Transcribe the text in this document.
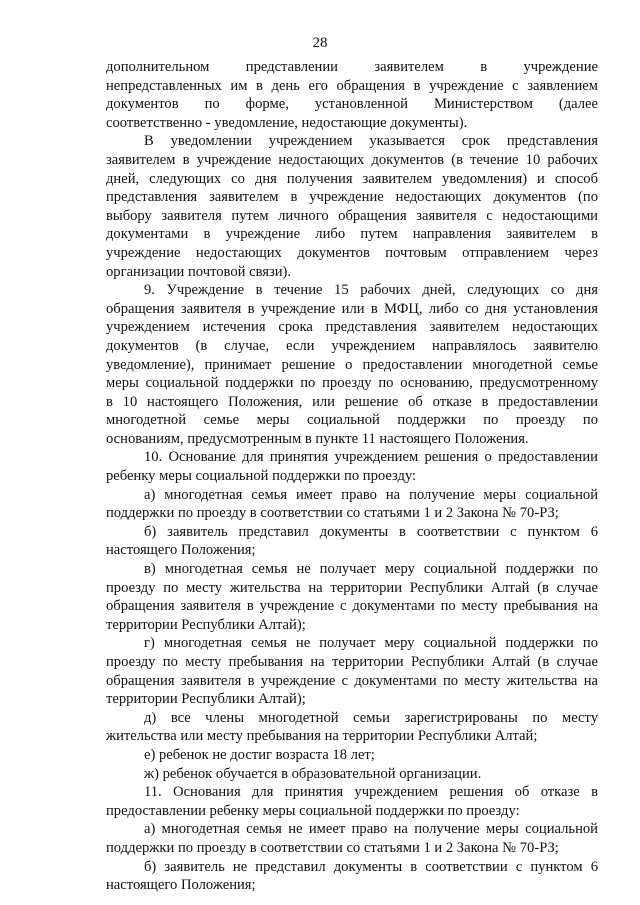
28
дополнительном представлении заявителем в учреждение
непредставленных им в день его обращения в учреждение с заявлением
документов по форме, установленной Министерством (далее
соответственно - уведомление, недостающие документы).
В уведомлении учреждением указывается срок представления
заявителем в учреждение недостающих документов (в течение 10 рабочих
дней, следующих со дня получения заявителем уведомления) и способ
представления заявителем в учреждение недостающих документов (по
выбору заявителя путем личного обращения заявителя с недостающими
документами в учреждение либо путем направления заявителем в
учреждение недостающих документов почтовым отправлением через
организации почтовой связи).
9. Учреждение в течение 15 рабочих дней, следующих со дня
обращения заявителя в учреждение или в МФЦ, либо со дня установления
учреждением истечения срока представления заявителем недостающих
документов (в случае, если учреждением направлялось заявителю
уведомление), принимает решение о предоставлении многодетной семье
меры социальной поддержки по проезду по основанию, предусмотренному
в 10 настоящего Положения, или решение об отказе в предоставлении
многодетной семье меры социальной поддержки по проезду по
основаниям, предусмотренным в пункте 11 настоящего Положения.
10. Основание для принятия учреждением решения о предоставлении
ребенку меры социальной поддержки по проезду:
а) многодетная семья имеет право на получение меры социальной
поддержки по проезду в соответствии со статьями 1 и 2 Закона № 70-РЗ;
б) заявитель представил документы в соответствии с пунктом 6
настоящего Положения;
в) многодетная семья не получает меру социальной поддержки по
проезду по месту жительства на территории Республики Алтай (в случае
обращения заявителя в учреждение с документами по месту пребывания на
территории Республики Алтай);
г) многодетная семья не получает меру социальной поддержки по
проезду по месту пребывания на территории Республики Алтай (в случае
обращения заявителя в учреждение с документами по месту жительства на
территории Республики Алтай);
д) все члены многодетной семьи зарегистрированы по месту
жительства или месту пребывания на территории Республики Алтай;
е) ребенок не достиг возраста 18 лет;
ж) ребенок обучается в образовательной организации.
11. Основания для принятия учреждением решения об отказе в
предоставлении ребенку меры социальной поддержки по проезду:
а) многодетная семья не имеет право на получение меры социальной
поддержки по проезду в соответствии со статьями 1 и 2 Закона № 70-РЗ;
б) заявитель не представил документы в соответствии с пунктом 6
настоящего Положения;
